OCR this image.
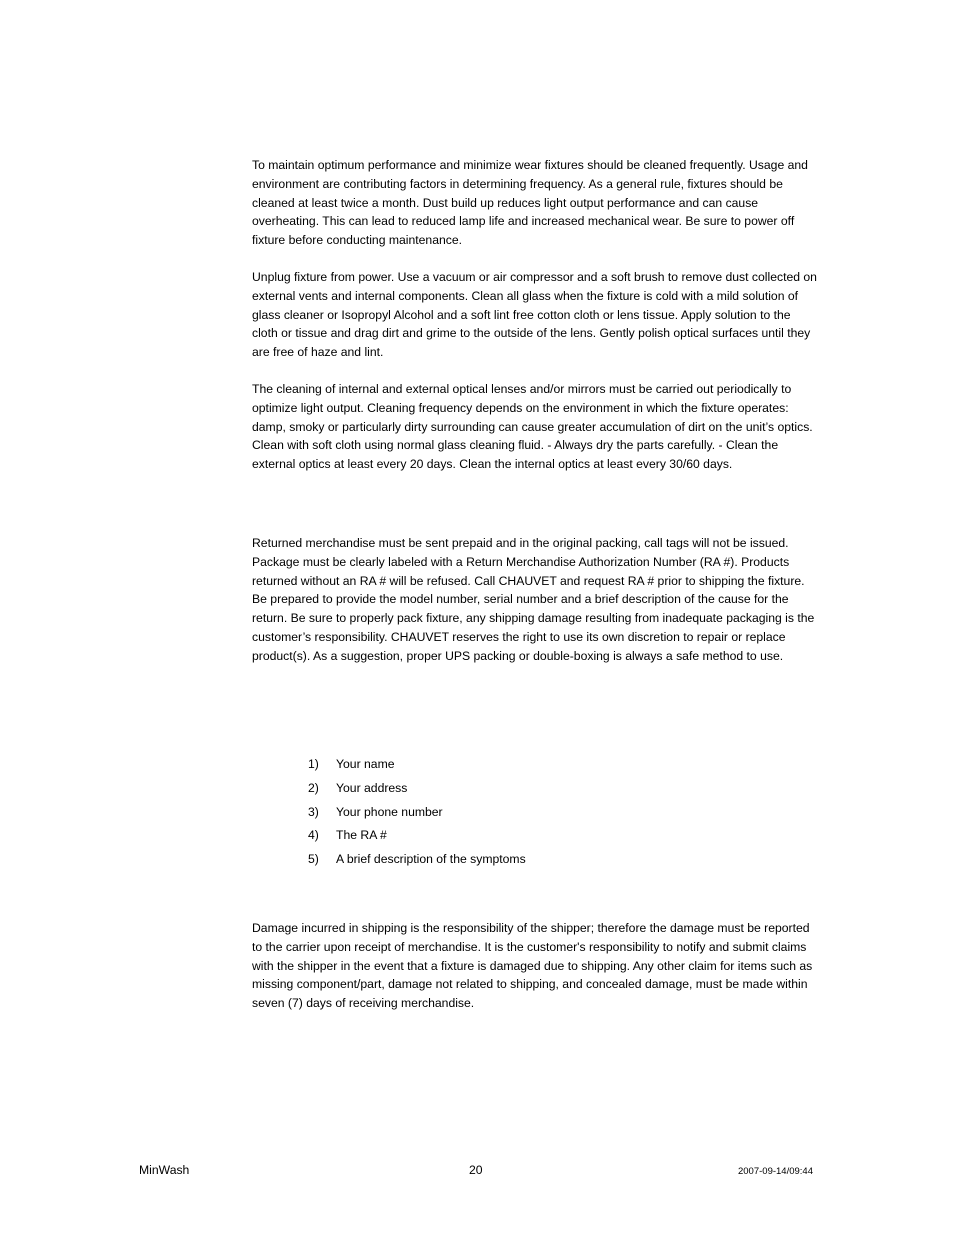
To maintain optimum performance and minimize wear fixtures should be cleaned frequently. Usage and environment are contributing factors in determining frequency. As a general rule, fixtures should be cleaned at least twice a month. Dust build up reduces light output performance and can cause overheating. This can lead to reduced lamp life and increased mechanical wear. Be sure to power off fixture before conducting maintenance.

Unplug fixture from power. Use a vacuum or air compressor and a soft brush to remove dust collected on external vents and internal components. Clean all glass when the fixture is cold with a mild solution of glass cleaner or Isopropyl Alcohol and a soft lint free cotton cloth or lens tissue. Apply solution to the cloth or tissue and drag dirt and grime to the outside of the lens. Gently polish optical surfaces until they are free of haze and lint.

The cleaning of internal and external optical lenses and/or mirrors must be carried out periodically to optimize light output. Cleaning frequency depends on the environment in which the fixture operates: damp, smoky or particularly dirty surrounding can cause greater accumulation of dirt on the unit’s optics. Clean with soft cloth using normal glass cleaning fluid. - Always dry the parts carefully. - Clean the external optics at least every 20 days. Clean the internal optics at least every 30/60 days.

Returned merchandise must be sent prepaid and in the original packing, call tags will not be issued. Package must be clearly labeled with a Return Merchandise Authorization Number (RA #). Products returned without an RA # will be refused. Call CHAUVET and request RA # prior to shipping the fixture. Be prepared to provide the model number, serial number and a brief description of the cause for the return. Be sure to properly pack fixture, any shipping damage resulting from inadequate packaging is the customer’s responsibility. CHAUVET reserves the right to use its own discretion to repair or replace product(s). As a suggestion, proper UPS packing or double-boxing is always a safe method to use.

1)	Your name
2)	Your address
3)	Your phone number
4)	The RA #
5)	A brief description of the symptoms

Damage incurred in shipping is the responsibility of the shipper; therefore the damage must be reported to the carrier upon receipt of merchandise. It is the customer's responsibility to notify and submit claims with the shipper in the event that a fixture is damaged due to shipping. Any other claim for items such as missing component/part, damage not related to shipping, and concealed damage, must be made within seven (7) days of receiving merchandise.

MinWash	20	2007-09-14/09:44
